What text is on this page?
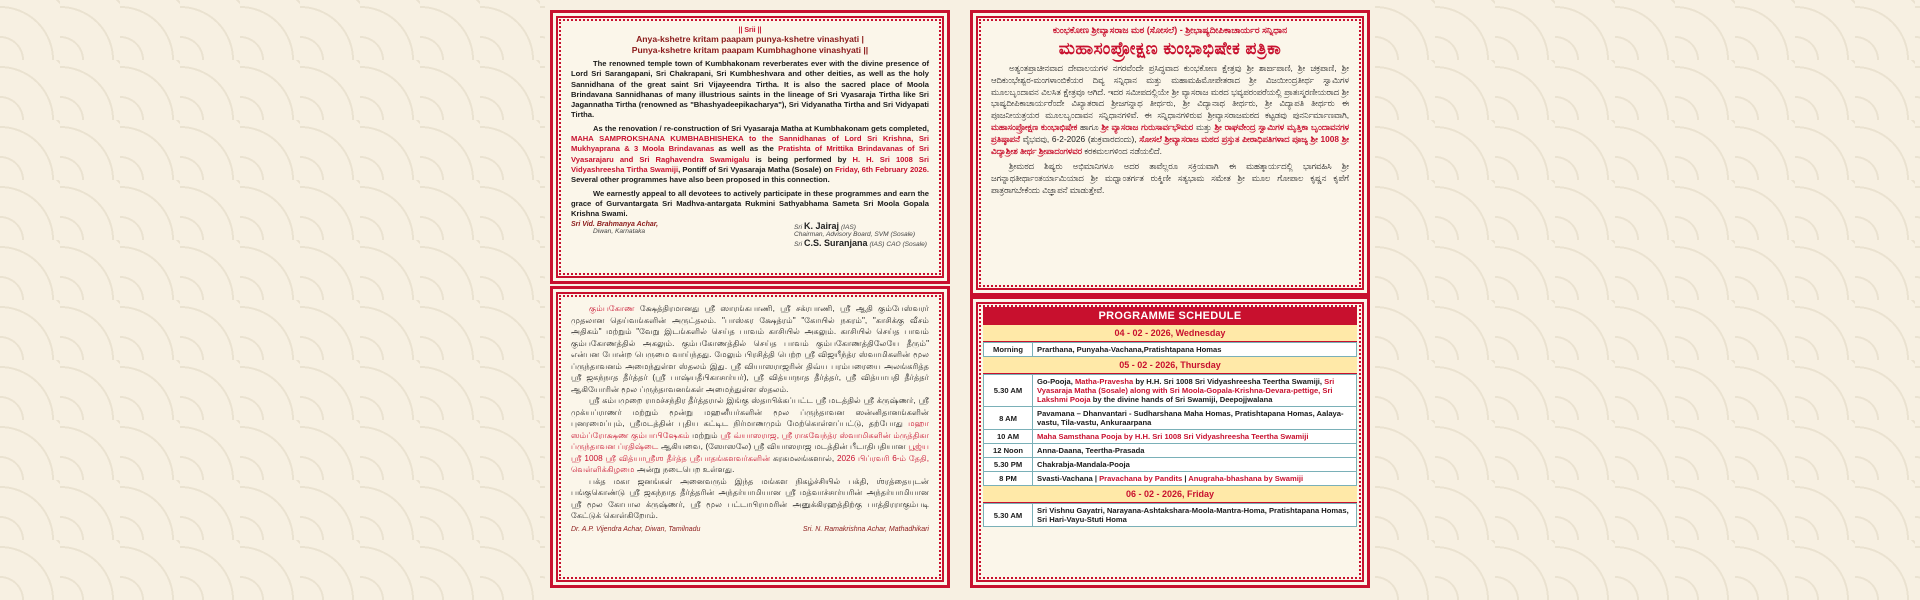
|| Srii ||
Anya-kshetre kritam paapam punya-kshetre vinashyati |
Punya-kshetre kritam paapam Kumbhaghone vinashyati ||

The renowned temple town of Kumbhakonam reverberates ever with the divine presence of Lord Sri Sarangapani, Sri Chakrapani, Sri Kumbheshvara and other deities, as well as the holy Sannidhana of the great saint Sri Vijayeendra Tirtha. It is also the sacred place of Moola Brindavana Sannidhanas of many illustrious saints in the lineage of Sri Vyasaraja Tirtha like Sri Jagannatha Tirtha (renowned as "Bhashyadeepikacharya"), Sri Vidyanatha Tirtha and Sri Vidyapati Tirtha.

As the renovation / re-construction of Sri Vyasaraja Matha at Kumbhakonam gets completed, MAHA SAMPROKSHANA KUMBHABHISHEKA to the Sannidhanas of Lord Sri Krishna, Sri Mukhyaprana & 3 Moola Brindavanas as well as the Pratishta of Mrittika Brindavanas of Sri Vyasarajaru and Sri Raghavendra Swamigalu is being performed by H. H. Sri 1008 Sri Vidyashreesha Tirtha Swamiji, Pontiff of Sri Vyasaraja Matha (Sosale) on Friday, 6th February 2026. Several other programmes have also been proposed in this connection.

We earnestly appeal to all devotees to actively participate in these programmes and earn the grace of Gurvantargata Sri Madhva-antargata Rukmini Sathyabhama Sameta Sri Moola Gopala Krishna Swami.

Sri Vid. Brahmanya Achar,
Diwan, Karnataka
Sri K. Jairaj (IAS)
Chairman, Advisory Board, SVM (Sosale)
Sri C.S. Suranjana (IAS) CAO (Sosale)

கும்பகோண க்ஷேத்திரமானது ஸ்ரீ ஸாரங்கபாணி, ஸ்ரீ சக்ரபாணி, ஸ்ரீ ஆதி கும்பேஸ்வரர் முதலான தெய்வங்களின் அருட்தலம். "பாஸ்கர க்ஷேத்ரம்" "கோயில் நகரம்", "காசிக்கு வீசம் அதிகம்" மற்றும் "வேறு இடங்களில் செய்த பாவம் காசியில் அகலும். காசியில் செய்த பாவம் கும்பகோணத்தில் அகலும். கும்பகோணத்தில் செய்த பாவம் கும்பகோணத்திலேயே தீரும்" என்பன போன்ற பெருமை வாய்ந்தது. மேலும் பிரசித்தி பெற்ற ஸ்ரீ விஜயீந்த்ர ஸ்வாமிகளின் மூல ப்ருந்தாவனம் அமைந்துள்ள ஸ்தலம் இது. ஸ்ரீ வியாஸராஜரின் திவ்ய பரம்பரையை அலங்கரித்த ஸ்ரீ ஜகந்நாத தீர்த்தர் (ஸ்ரீ பாஷ்யதீபிகாசார்யர்), ஸ்ரீ வித்யாநாத தீர்த்தர், ஸ்ரீ வித்யாபதி தீர்த்தர் ஆகியோரின் மூல ப்ருந்தாவனங்கள் அமைந்துள்ள ஸ்தலம்.

ஸ்ரீ கம்பமுறை ராமச்சந்திர தீர்த்தரால் இங்கு ஸ்தாபிக்கப்பட்ட ஸ்ரீ மடத்தில் ஸ்ரீ க்ருஷ்ணர், ஸ்ரீ முக்யப்ராணர் மற்றும் மூன்று மஹனீயர்களின் மூல ப்ருந்தாவன ஸன்னிதானங்களின் புனரமைப்பும், ஸ்ரீமடத்தின் புதிய கட்டிட நிர்மாணமும் மேற்கொள்ளப்பட்டு, தற்போது மஹா ஸம்ப்ரோக்ஷண கும்பாபிஷேகம் மற்றும் ஸ்ரீ வ்யாஸராஜ, ஸ்ரீ ராகவேந்த்ர ஸ்வாமிகளின் ம்ருத்திகா ப்ருந்தாவன ப்ரதிஷ்டை ஆகியவை, (ஸோஸலே) ஸ்ரீ வியாஸராஜ மடத்தின் பீடாதிபதியான பூஜ்ய ஸ்ரீ 1008 ஸ்ரீ வித்யாஶ்ரீஶ தீர்த்த ஸ்ரீபாதங்களவர்களின் கரகமலங்களால், 2026 பிப்ரவரி 6-ம் தேதி, வெள்ளிக்கிழமை அன்று நடைபெற உள்ளது.

பக்த மகா ஜனங்கள் அனைவரும் இந்த மங்கள நிகழ்ச்சியில் பக்தி, ஶ்ரத்தையுடன் பங்குகொண்டு ஸ்ரீ ஜகந்நாத தீர்த்தரின் அந்தர்யாமியான ஸ்ரீ மத்வாச்சார்யரின் அந்தர்யாமியான ஸ்ரீ மூல கோபால க்ருஷ்ணர், ஸ்ரீ மூல பட்டாபிராமரின் அனுக்கிரஹத்திற்கு பாத்திரராகும்படி கேட்டுக் கொள்கிறோம்.

Dr. A.P. Vijendra Achar, Diwan, Tamilnadu	Sri. N. Ramakrishna Achar, Mathadhikari
ಕುಂಭಕೋಣ ಶ್ರೀವ್ಯಾಸರಾಜ ಮಠ (ಸೋಸಲೆ) - ಶ್ರೀಭಾಷ್ಯದೀಪಿಕಾಚಾರ್ಯರ ಸನ್ನಿಧಾನ
ಮಹಾಸಂಪ್ರೋಕ್ಷಣ ಕುಂಭಾಭಿಷೇಕ ಪತ್ರಿಕಾ

ಅತ್ಯಂತಪ್ರಾಚೀನವಾದ ದೇವಾಲಯಗಳ ನಗರವೆಂದೇ ಪ್ರಸಿದ್ಧವಾದ ಕುಂಭಕೋಣ ಕ್ಷೇತ್ರವು ಶ್ರೀ ಶಾರ್ಙಪಾಣಿ, ಶ್ರೀ ಚಕ್ರಪಾಣಿ, ಶ್ರೀ ಆದಿಕುಂಭೇಶ್ವರ-ಮಂಗಳಾಂಬಿಕೆಯರ ದಿವ್ಯ ಸನ್ನಿಧಾನ ಮತ್ತು ಮಹಾಮಹಿಮೋಪೇತರಾದ ಶ್ರೀ ವಿಜಯೀಂದ್ರತೀರ್ಥ ಸ್ವಾಮಿಗಳ ಮೂಲಬೃಂದಾವನ ವಿಲಸಿತ ಕ್ಷೇತ್ರವೂ ಆಗಿದೆ. ಇದರ ಸಮೀಪದಲ್ಲಿಯೇ ಶ್ರೀ ವ್ಯಾಸರಾಜ ಮಠದ ಭವ್ಯಪರಂಪರೆಯಲ್ಲಿ ಪ್ರಾತಃಸ್ಮರಣೀಯರಾದ ಶ್ರೀ ಭಾಷ್ಯದೀಪಿಕಾಚಾರ್ಯರೆಂದೇ ವಿಖ್ಯಾತರಾದ ಶ್ರೀಜಗನ್ನಾಥ ತೀರ್ಥರು, ಶ್ರೀ ವಿದ್ಯಾನಾಥ ತೀರ್ಥರು, ಶ್ರೀ ವಿದ್ಯಾಪತಿ ತೀರ್ಥರು ಈ ಪೂಜನೀಯತ್ರಯರ ಮೂಲಬೃಂದಾವನ ಸನ್ನಿಧಾನಗಳಿವೆ. ಈ ಸನ್ನಿಧಾನಗಳಿರುವ ಶ್ರೀವ್ಯಾಸರಾಜಮಠದ ಕಟ್ಟಡವು ಪುನರ್ನಿರ್ಮಾಣವಾಗಿ, ಮಹಾಸಂಪ್ರೋಕ್ಷಣ ಕುಂಭಾಭಿಷೇಕ ಹಾಗೂ ಶ್ರೀ ವ್ಯಾಸರಾಜ ಗುರುಸಾರ್ವಭೌಮರ ಮತ್ತು ಶ್ರೀ ರಾಘವೇಂದ್ರ ಸ್ವಾಮಿಗಳ ಮೃತ್ತಿಕಾ ಬೃಂದಾವನಗಳ ಪ್ರತಿಷ್ಠಾಪನೆ ವೈಭವವು, 6-2-2026 (ಶುಕ್ರವಾರದಂದು), ಸೋಸಲೆ ಶ್ರೀವ್ಯಾಸರಾಜ ಮಠದ ಪ್ರಸ್ತುತ ಪೀಠಾಧಿಪತಿಗಳಾದ ಪೂಜ್ಯ ಶ್ರೀ 1008 ಶ್ರೀ ವಿದ್ಯಾಶ್ರೀಶ ತೀರ್ಥ ಶ್ರೀಪಾದಂಗಳವರ ಕರಕಮಲಗಳಿಂದ ನಡೆಯಲಿದೆ.

ಶ್ರೀಮಠದ ಶಿಷ್ಯರು ಅಭಿಮಾನಿಗಳೂ ಅದರ ತಾವೆಲ್ಲರೂ ಸಕ್ರಿಯವಾಗಿ ಈ ಮಹತ್ಕಾರ್ಯದಲ್ಲಿ ಭಾಗವಹಿಸಿ ಶ್ರೀ ಜಗನ್ನಾಥತೀರ್ಥಾಂತರ್ಯಾಮಿಯಾದ ಶ್ರೀ ಮಧ್ವಾಂತರ್ಗತ ರುಕ್ಮಿಣೀ ಸತ್ಯಭಾಮ ಸಮೇತ ಶ್ರೀ ಮೂಲ ಗೋಪಾಲ ಕೃಷ್ಣನ ಕೃಪೆಗೆ ಪಾತ್ರರಾಗಬೇಕೆಂದು ವಿಜ್ಞಾಪನೆ ಮಾಡುತ್ತೇವೆ.

PROGRAMME SCHEDULE
04 - 02 - 2026, Wednesday
Morning	Prarthana, Punyaha-Vachana,Pratishtapana Homas
05 - 02 - 2026, Thursday
5.30 AM	Go-Pooja, Matha-Pravesha by H.H. Sri 1008 Sri Vidyashreesha Teertha Swamiji, Sri Vyasaraja Matha (Sosale) along with Sri Moola-Gopala-Krishna-Devara-pettige, Sri Lakshmi Pooja by the divine hands of Sri Swamiji, Deepojjwalana
8 AM	Pavamana – Dhanvantari - Sudharshana Maha Homas, Pratishtapana Homas, Aalaya-vastu, Tila-vastu, Ankuraarpana
10 AM	Maha Samsthana Pooja by H.H. Sri 1008 Sri Vidyashreesha Teertha Swamiji
12 Noon	Anna-Daana, Teertha-Prasada
5.30 PM	Chakrabja-Mandala-Pooja
8 PM	Svasti-Vachana | Pravachana by Pandits | Anugraha-bhashana by Swamiji
06 - 02 - 2026, Friday
5.30 AM	Sri Vishnu Gayatri, Narayana-Ashtakshara-Moola-Mantra-Homa, Pratishtapana Homas, Sri Hari-Vayu-Stuti Homa
